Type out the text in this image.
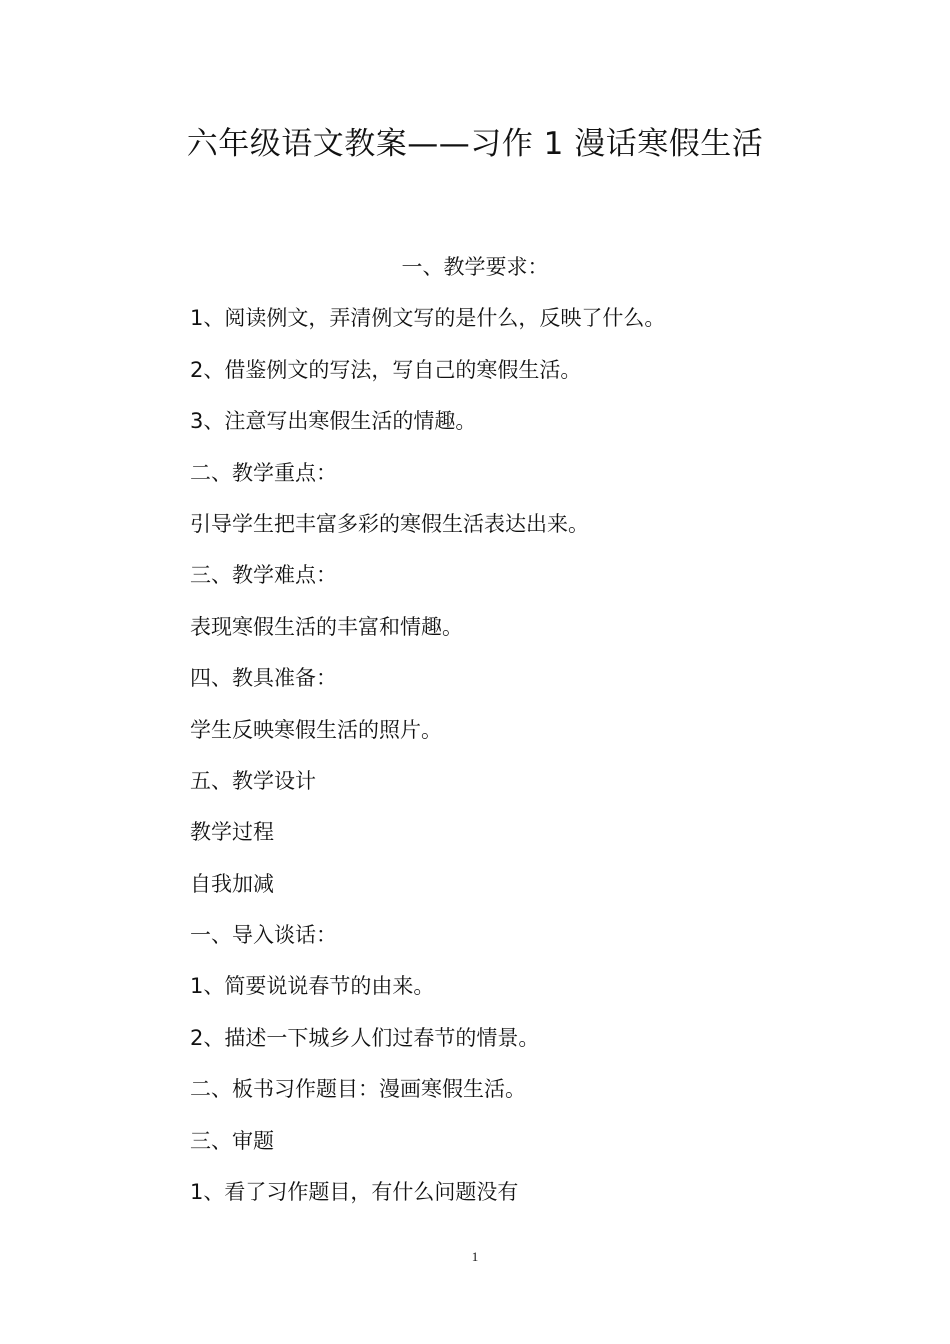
六年级语文教案——习作 1 漫话寒假生活
一、教学要求：
1、阅读例文，弄清例文写的是什么，反映了什么。
2、借鉴例文的写法，写自己的寒假生活。
3、注意写出寒假生活的情趣。
二、教学重点：
引导学生把丰富多彩的寒假生活表达出来。
三、教学难点：
表现寒假生活的丰富和情趣。
四、教具准备：
学生反映寒假生活的照片。
五、教学设计
教学过程
自我加减
一、导入谈话：
1、简要说说春节的由来。
2、描述一下城乡人们过春节的情景。
二、板书习作题目：漫画寒假生活。
三、审题
1、看了习作题目，有什么问题没有
1
